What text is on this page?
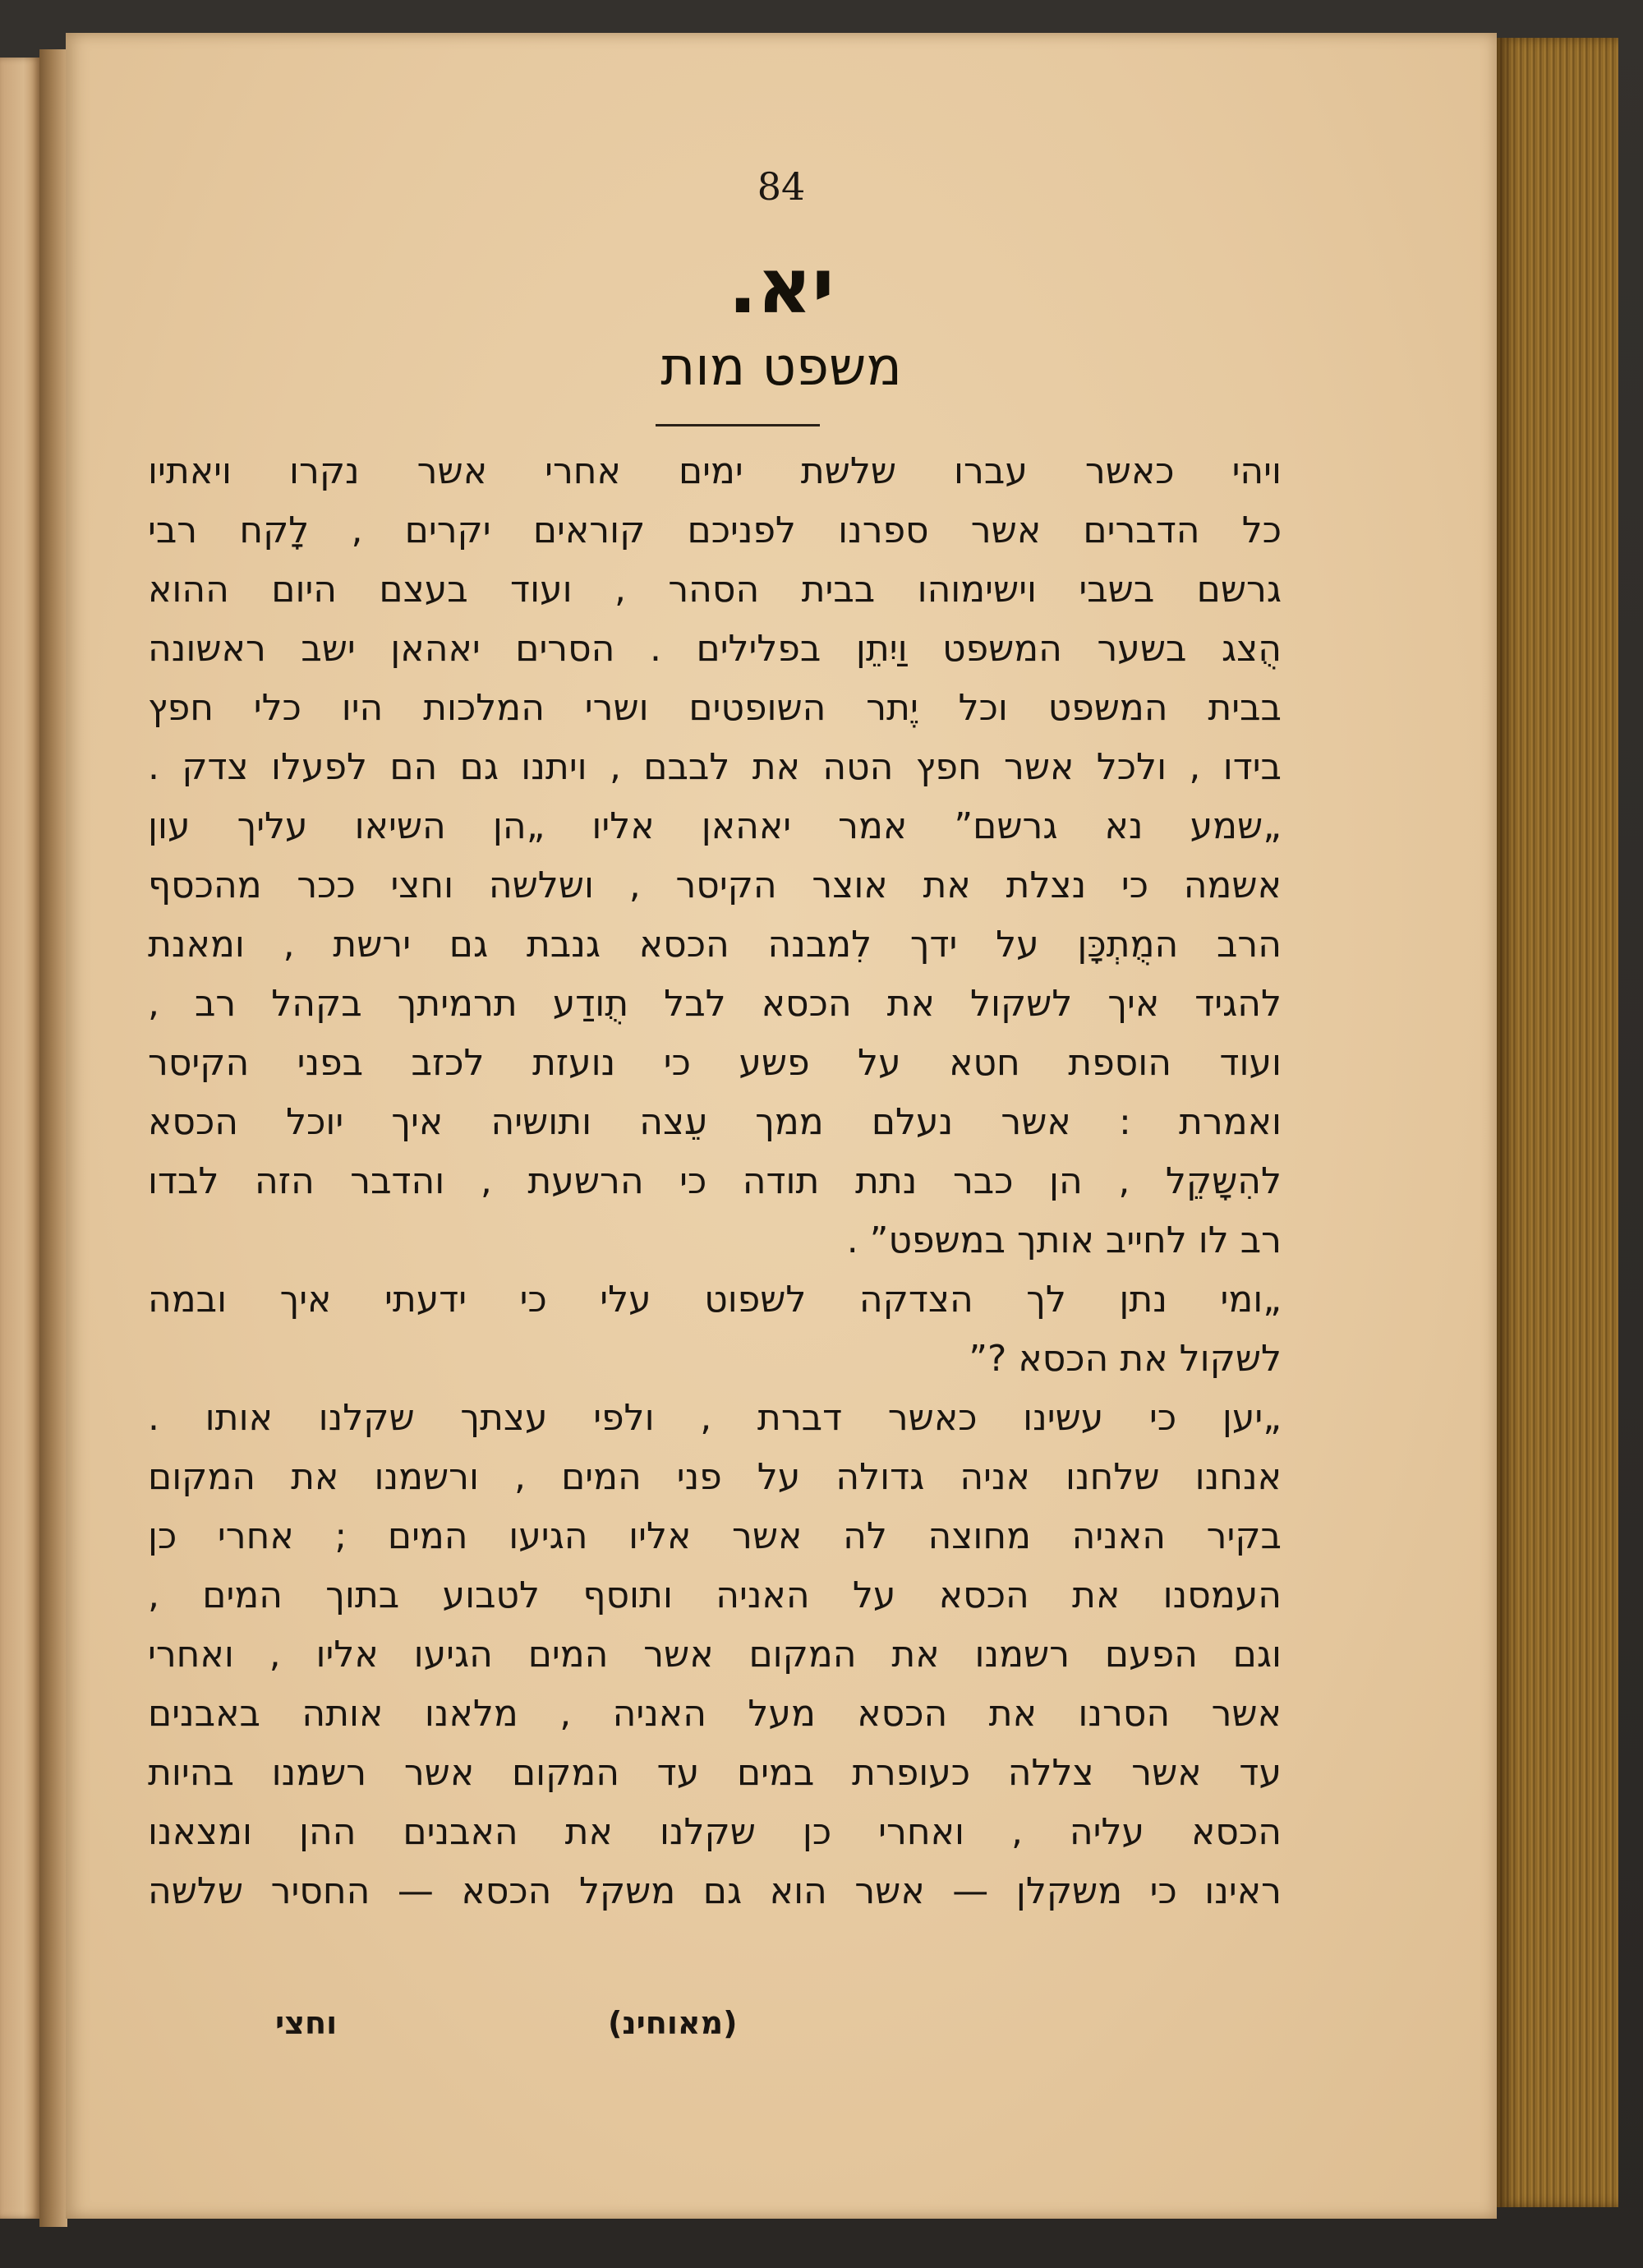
84
יא.
משפט מות
ויהי כאשר עברו שלשת ימים אחרי אשר נקרו ויאתיו
כל הדברים אשר ספרנו לפניכם קוראים יקרים , לָקח רבי
גרשם בשבי וישימוהו בבית הסהר , ועוד בעצם היום ההוא
הֻצג בשער המשפט וַיִתֵן בפלילים . הסרים יאהאן ישב ראשונה
בבית המשפט וכל יֶתר השופטים ושרי המלכות היו כלי חפץ
בידו , ולכל אשר חפץ הטה את לבבם , ויתנו גם הם לפעלו צדק .
„שמע נא גרשם” אמר יאהאן אליו „הן השיאו עליך עון
אשמה כי נצלת את אוצר הקיסר , ושלשה וחצי ככר מהכסף
הרב המֻתְכָּן על ידך לִמבנה הכסא גנבת גם ירשת , ומאנת
להגיד איך לשקול את הכסא לבל תֻודַע תרמיתך בקהל רב ,
ועוד הוספת חטא על פשע כי נועזת לכזב בפני הקיסר
ואמרת : אשר נעלם ממך עֵצה ותושיה איך יוכל הכסא
להִשָקֵל , הן כבר נתת תודה כי הרשעת , והדבר הזה לבדו
רב לו לחייב אותך במשפט” .
„ומי נתן לך הצדקה לשפוט עלי כי ידעתי איך ובמה
לשקול את הכסא ?”
„יען כי עשינו כאשר דברת , ולפי עצתך שקלנו אותו .
אנחנו שלחנו אניה גדולה על פני המים , ורשמנו את המקום
בקיר האניה מחוצה לה אשר אליו הגיעו המים ; אחרי כן
העמסנו את הכסא על האניה ותוסף לטבוע בתוך המים ,
וגם הפעם רשמנו את המקום אשר המים הגיעו אליו , ואחרי
אשר הסרנו את הכסא מעל האניה , מלאנו אותה באבנים
עד אשר צללה כעופרת במים עד המקום אשר רשמנו בהיות
הכסא עליה , ואחרי כן שקלנו את האבנים ההן ומצאנו
ראינו כי משקלן — אשר הוא גם משקל הכסא — החסיר שלשה
(מאוחינ)
וחצי
